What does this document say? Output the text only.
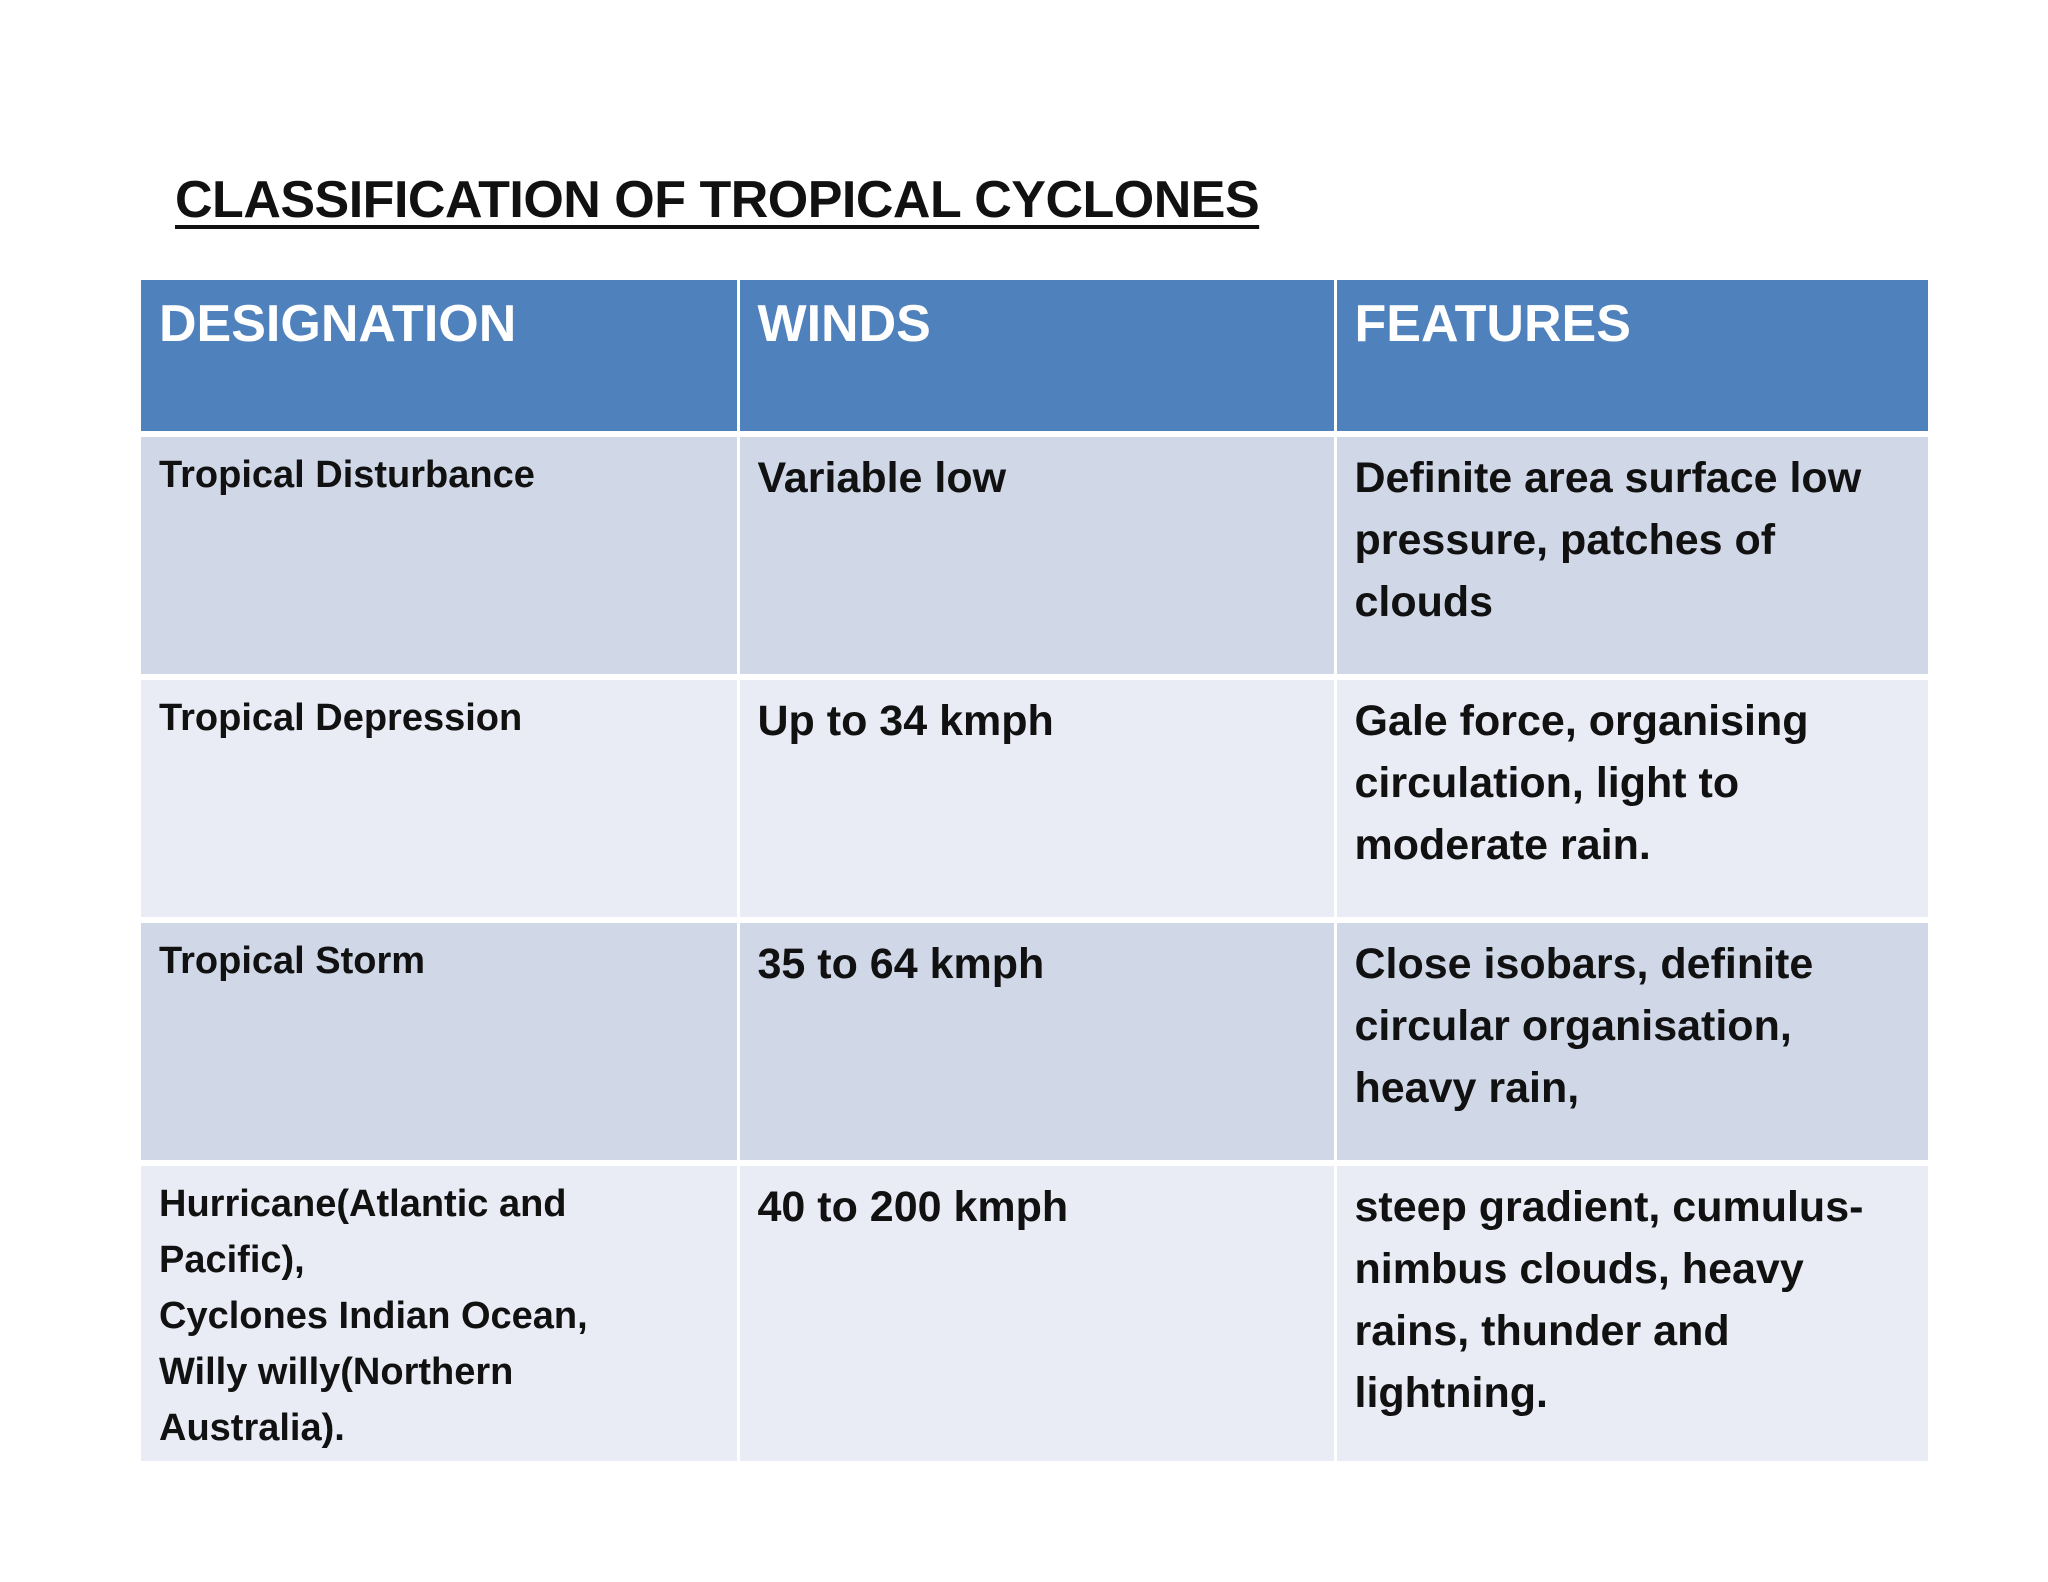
CLASSIFICATION OF TROPICAL CYCLONES
DESIGNATION	WINDS	FEATURES

Tropical Disturbance	Variable low	Definite area surface low
pressure, patches of
clouds

Tropical Depression	Up to 34 kmph	Gale force, organising
circulation, light to
moderate rain.

Tropical Storm	35 to 64 kmph	Close isobars, definite
circular organisation,
heavy rain,

Hurricane(Atlantic and
Pacific),
Cyclones Indian Ocean,
Willy willy(Northern
Australia).	40 to 200 kmph	steep gradient, cumulus-
nimbus clouds, heavy
rains, thunder and
lightning.
